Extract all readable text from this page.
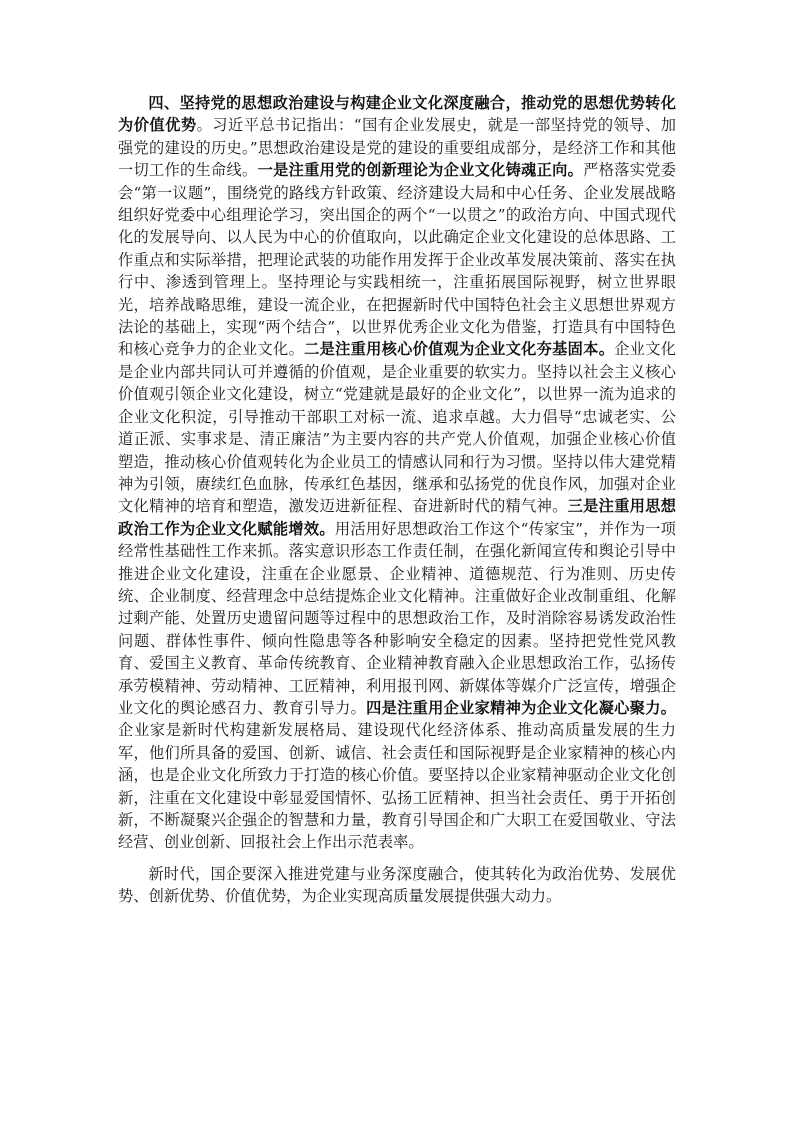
四、坚持党的思想政治建设与构建企业文化深度融合，推动党的思想优势转化为价值优势。习近平总书记指出：“国有企业发展史，就是一部坚持党的领导、加强党的建设的历史。”思想政治建设是党的建设的重要组成部分，是经济工作和其他一切工作的生命线。一是注重用党的创新理论为企业文化铸魂正向。严格落实党委会“第一议题”，围绕党的路线方针政策、经济建设大局和中心任务、企业发展战略组织好党委中心组理论学习，突出国企的两个“一以贯之”的政治方向、中国式现代化的发展导向、以人民为中心的价值取向，以此确定企业文化建设的总体思路、工作重点和实际举措，把理论武装的功能作用发挥于企业改革发展决策前、落实在执行中、渗透到管理上。坚持理论与实践相统一，注重拓展国际视野，树立世界眼光，培养战略思维，建设一流企业，在把握新时代中国特色社会主义思想世界观方法论的基础上，实现“两个结合”，以世界优秀企业文化为借鉴，打造具有中国特色和核心竞争力的企业文化。二是注重用核心价值观为企业文化夯基固本。企业文化是企业内部共同认可并遵循的价值观，是企业重要的软实力。坚持以社会主义核心价值观引领企业文化建设，树立“党建就是最好的企业文化”，以世界一流为追求的企业文化积淀，引导推动干部职工对标一流、追求卓越。大力倡导“忠诚老实、公道正派、实事求是、清正廉洁”为主要内容的共产党人价值观，加强企业核心价值塑造，推动核心价值观转化为企业员工的情感认同和行为习惯。坚持以伟大建党精神为引领，赓续红色血脉，传承红色基因，继承和弘扬党的优良作风，加强对企业文化精神的培育和塑造，激发迈进新征程、奋进新时代的精气神。三是注重用思想政治工作为企业文化赋能增效。用活用好思想政治工作这个“传家宝”，并作为一项经常性基础性工作来抓。落实意识形态工作责任制，在强化新闻宣传和舆论引导中推进企业文化建设，注重在企业愿景、企业精神、道德规范、行为准则、历史传统、企业制度、经营理念中总结提炼企业文化精神。注重做好企业改制重组、化解过剩产能、处置历史遗留问题等过程中的思想政治工作，及时消除容易诱发政治性问题、群体性事件、倾向性隐患等各种影响安全稳定的因素。坚持把党性党风教育、爱国主义教育、革命传统教育、企业精神教育融入企业思想政治工作，弘扬传承劳模精神、劳动精神、工匠精神，利用报刊网、新媒体等媒介广泛宣传，增强企业文化的舆论感召力、教育引导力。四是注重用企业家精神为企业文化凝心聚力。企业家是新时代构建新发展格局、建设现代化经济体系、推动高质量发展的生力军，他们所具备的爱国、创新、诚信、社会责任和国际视野是企业家精神的核心内涵，也是企业文化所致力于打造的核心价值。要坚持以企业家精神驱动企业文化创新，注重在文化建设中彰显爱国情怀、弘扬工匠精神、担当社会责任、勇于开拓创新，不断凝聚兴企强企的智慧和力量，教育引导国企和广大职工在爱国敬业、守法经营、创业创新、回报社会上作出示范表率。

新时代，国企要深入推进党建与业务深度融合，使其转化为政治优势、发展优势、创新优势、价值优势，为企业实现高质量发展提供强大动力。
